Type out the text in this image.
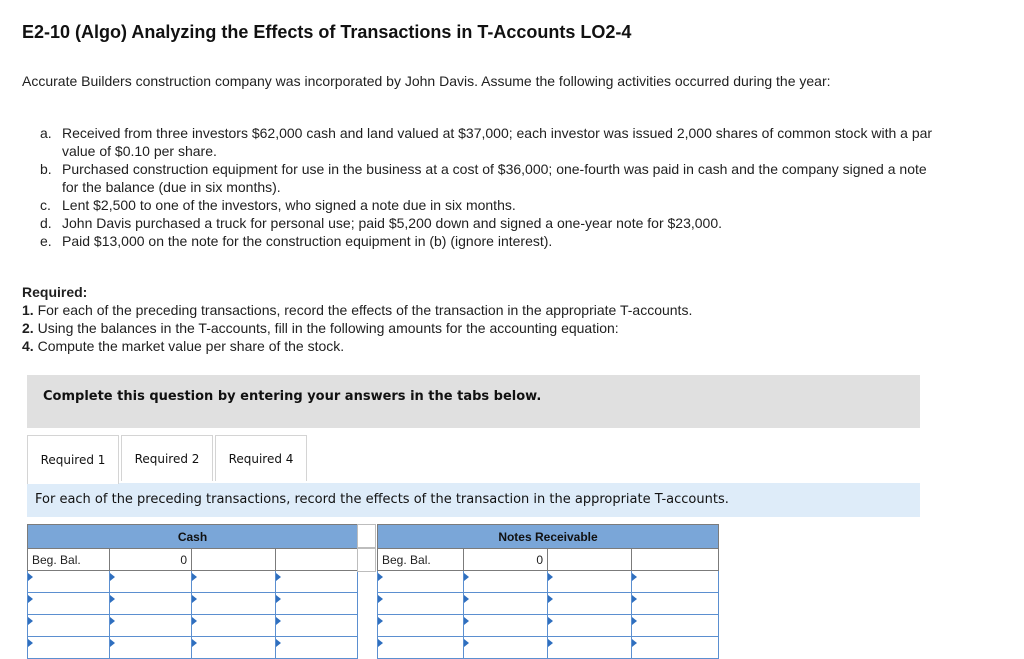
E2-10 (Algo) Analyzing the Effects of Transactions in T-Accounts LO2-4
Accurate Builders construction company was incorporated by John Davis. Assume the following activities occurred during the year:
a. Received from three investors $62,000 cash and land valued at $37,000; each investor was issued 2,000 shares of common stock with a par value of $0.10 per share.
b. Purchased construction equipment for use in the business at a cost of $36,000; one-fourth was paid in cash and the company signed a note for the balance (due in six months).
c. Lent $2,500 to one of the investors, who signed a note due in six months.
d. John Davis purchased a truck for personal use; paid $5,200 down and signed a one-year note for $23,000.
e. Paid $13,000 on the note for the construction equipment in (b) (ignore interest).
Required:
1. For each of the preceding transactions, record the effects of the transaction in the appropriate T-accounts.
2. Using the balances in the T-accounts, fill in the following amounts for the accounting equation:
4. Compute the market value per share of the stock.
Complete this question by entering your answers in the tabs below.
Required 1	Required 2	Required 4
For each of the preceding transactions, record the effects of the transaction in the appropriate T-accounts.
Cash			
Beg. Bal.	0		

Notes Receivable			
Beg. Bal.	0		
